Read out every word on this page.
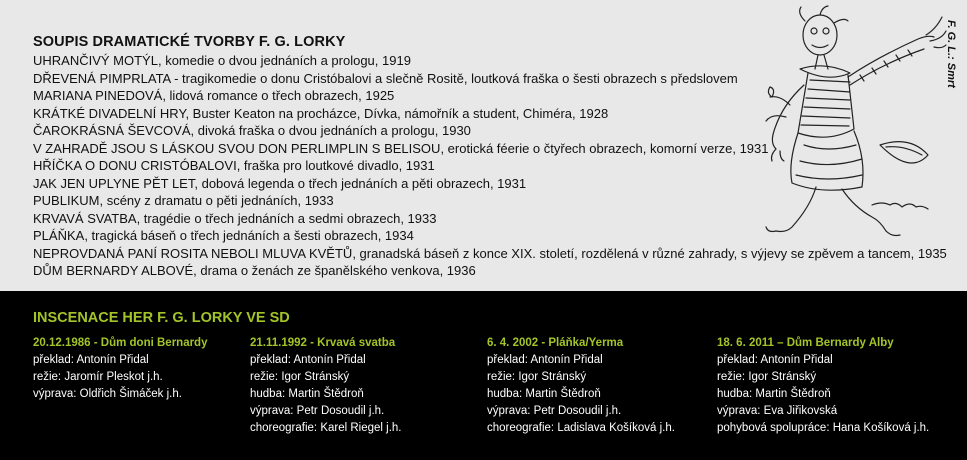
SOUPIS DRAMATICKÉ TVORBY F. G. LORKY
UHRANČIVÝ MOTÝL, komedie o dvou jednáních a prologu, 1919
DŘEVENÁ PIMPRLATA - tragikomedie o donu Cristóbalovi a slečně Rositě, loutková fraška o šesti obrazech s předslovem
MARIANA PINEDOVÁ, lidová romance o třech obrazech, 1925
KRÁTKÉ DIVADELNÍ HRY, Buster Keaton na procházce, Dívka, námořník a student, Chiméra, 1928
ČAROKRÁSNÁ ŠEVCOVÁ, divoká fraška o dvou jednáních a prologu, 1930
V ZAHRADĚ JSOU S LÁSKOU SVOU DON PERLIMPLIN S BELISOU, erotická féerie o čtyřech obrazech, komorní verze, 1931
HŘÍČKA O DONU CRISTÓBALOVI, fraška pro loutkové divadlo, 1931
JAK JEN UPLYNE PĚT LET, dobová legenda o třech jednáních a pěti obrazech, 1931
PUBLIKUM, scény z dramatu o pěti jednáních, 1933
KRVAVÁ SVATBA, tragédie o třech jednáních a sedmi obrazech, 1933
PLÁŇKA, tragická báseň o třech jednáních a šesti obrazech, 1934
NEPROVDANÁ PANÍ ROSITA NEBOLI MLUVA KVĚTŮ, granadská báseň z konce XIX. století, rozdělená v různé zahrady, s výjevy se zpěvem a tancem, 1935
DŮM BERNARDY ALBOVÉ, drama o ženách ze španělského venkova, 1936
F. G. L.: Smrt
INSCENACE HER F. G. LORKY VE SD
20.12.1986 - Dům doni Bernardy
překlad: Antonín Přidal
režie: Jaromír Pleskot j.h.
výprava: Oldřich Šimáček j.h.
21.11.1992 - Krvavá svatba
překlad: Antonín Přidal
režie: Igor Stránský
hudba: Martin Štědroň
výprava: Petr Dosoudil j.h.
choreografie: Karel Riegel j.h.
6. 4. 2002 - Pláňka/Yerma
překlad: Antonín Přidal
režie: Igor Stránský
hudba: Martin Štědroň
výprava: Petr Dosoudil j.h.
choreografie: Ladislava Košíková j.h.
18. 6. 2011 – Dům Bernardy Alby
překlad: Antonín Přidal
režie: Igor Stránský
hudba: Martin Štědroň
výprava: Eva Jiřikovská
pohybová spolupráce: Hana Košíková j.h.
